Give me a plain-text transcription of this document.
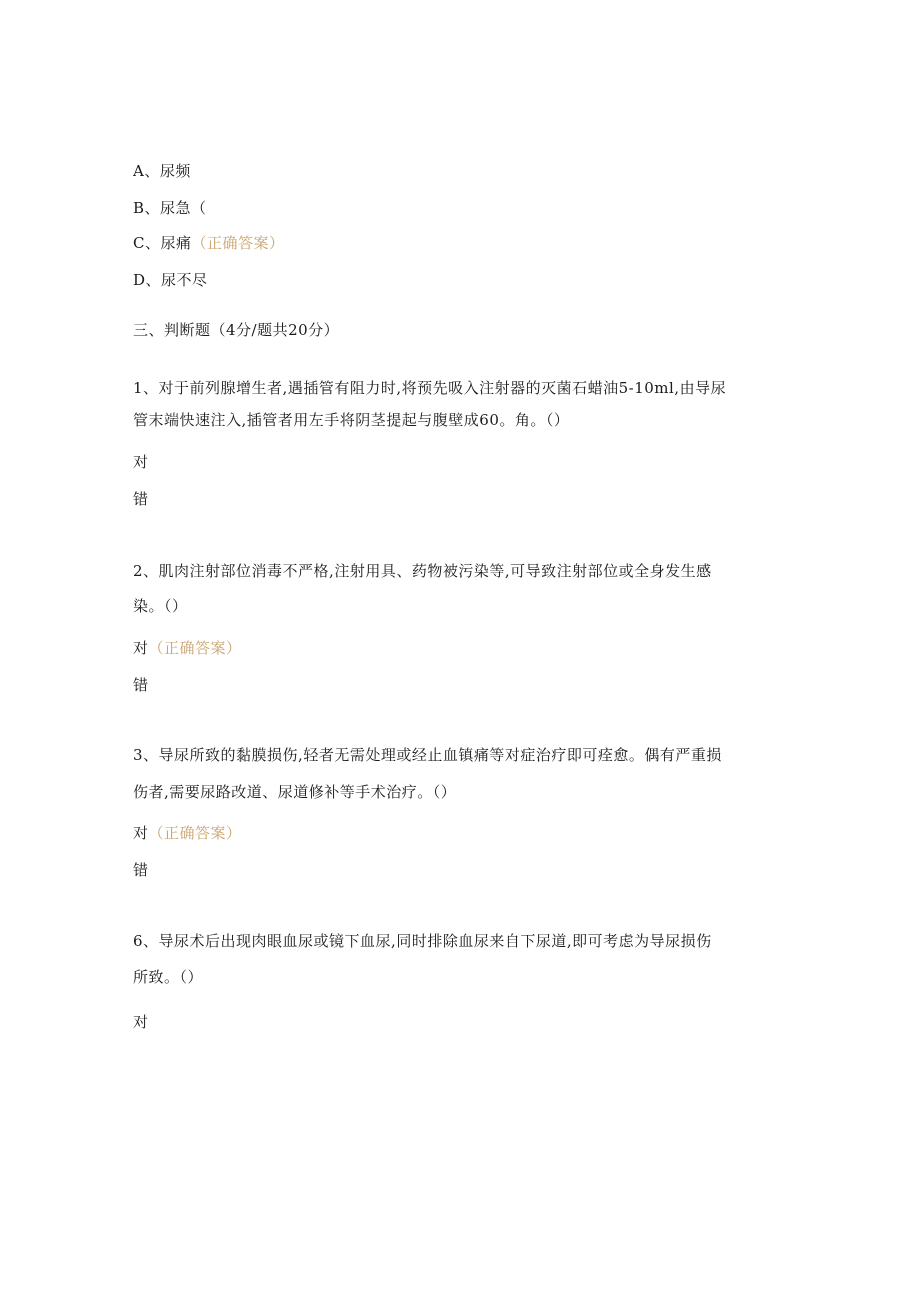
A、尿频
B、尿急（
C、尿痛（正确答案）
D、尿不尽
三、判断题（4分/题共20分）
1、对于前列腺增生者,遇插管有阻力时,将预先吸入注射器的灭菌石蜡油5-10ml,由导尿
管末端快速注入,插管者用左手将阴茎提起与腹壁成60。角。（）
对
错
2、肌肉注射部位消毒不严格,注射用具、药物被污染等,可导致注射部位或全身发生感
染。（）
对（正确答案）
错
3、导尿所致的黏膜损伤,轻者无需处理或经止血镇痛等对症治疗即可痊愈。偶有严重损
伤者,需要尿路改道、尿道修补等手术治疗。（）
对（正确答案）
错
6、导尿术后出现肉眼血尿或镜下血尿,同时排除血尿来自下尿道,即可考虑为导尿损伤
所致。（）
对
